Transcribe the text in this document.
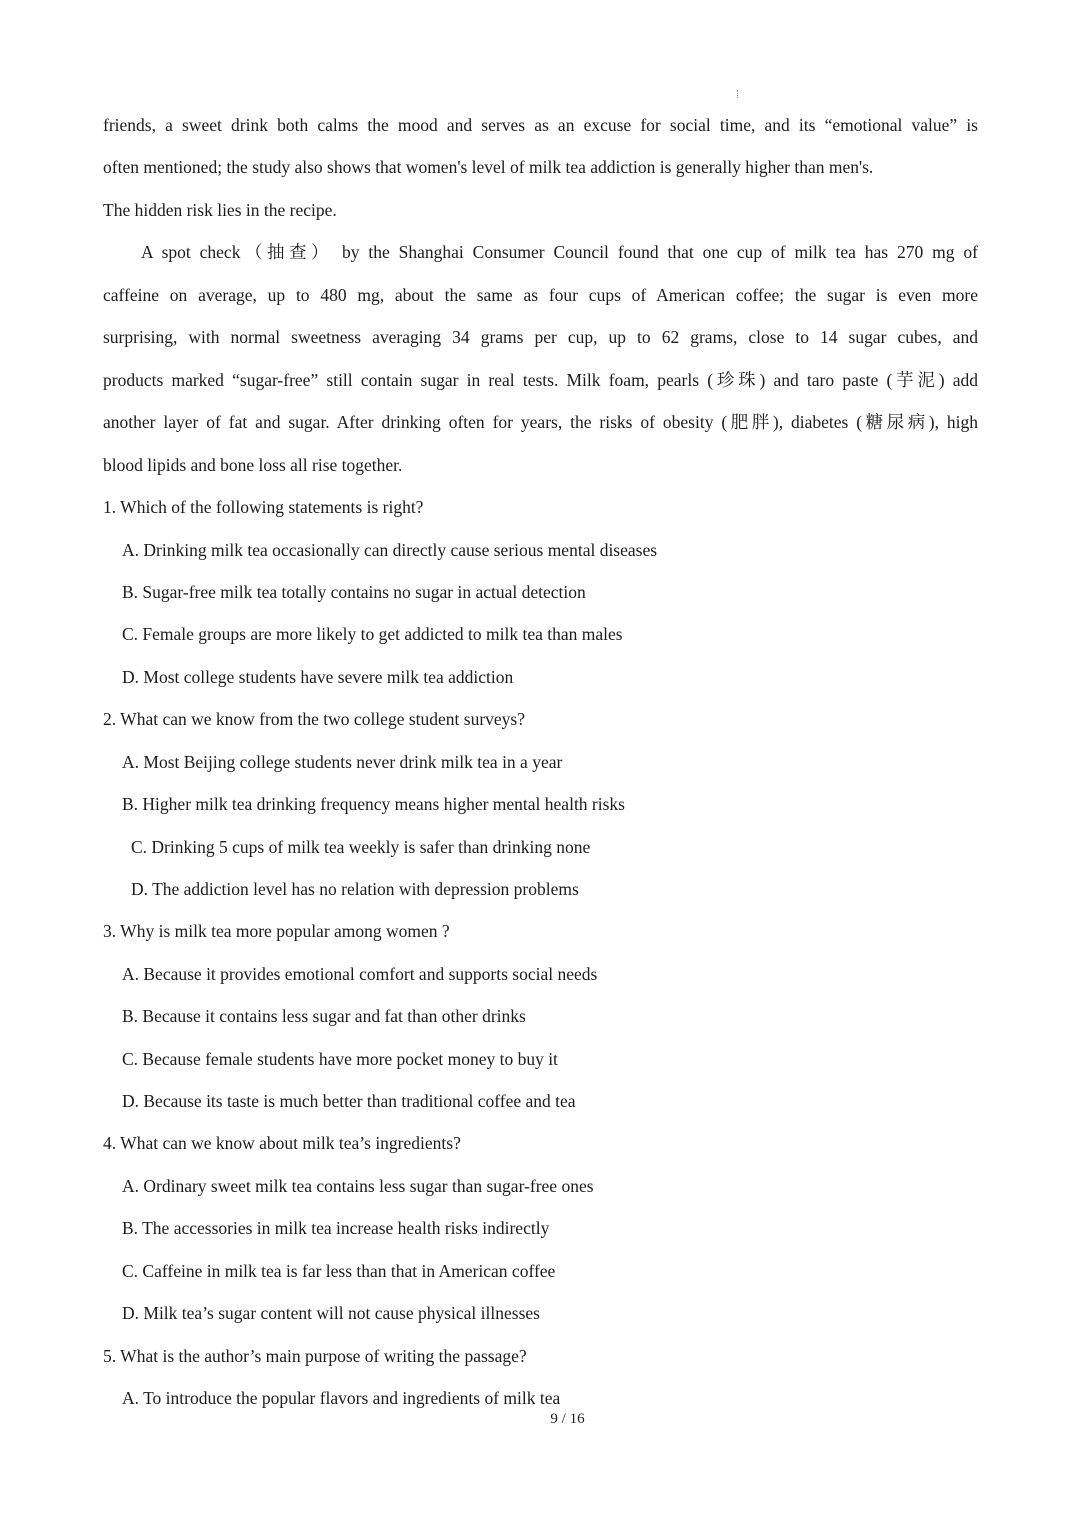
friends, a sweet drink both calms the mood and serves as an excuse for social time, and its “emotional value” is
often mentioned; the study also shows that women's level of milk tea addiction is generally higher than men's.
The hidden risk lies in the recipe.
A spot check（抽查） by the Shanghai Consumer Council found that one cup of milk tea has 270 mg of
caffeine on average, up to 480 mg, about the same as four cups of American coffee; the sugar is even more
surprising, with normal sweetness averaging 34 grams per cup, up to 62 grams, close to 14 sugar cubes, and
products marked “sugar-free” still contain sugar in real tests. Milk foam, pearls (珍珠) and taro paste (芋泥) add
another layer of fat and sugar. After drinking often for years, the risks of obesity (肥胖), diabetes (糖尿病), high
blood lipids and bone loss all rise together.
1. Which of the following statements is right?
A. Drinking milk tea occasionally can directly cause serious mental diseases
B. Sugar-free milk tea totally contains no sugar in actual detection
C. Female groups are more likely to get addicted to milk tea than males
D. Most college students have severe milk tea addiction
2. What can we know from the two college student surveys?
A. Most Beijing college students never drink milk tea in a year
B. Higher milk tea drinking frequency means higher mental health risks
C. Drinking 5 cups of milk tea weekly is safer than drinking none
D. The addiction level has no relation with depression problems
3. Why is milk tea more popular among women ?
A. Because it provides emotional comfort and supports social needs
B. Because it contains less sugar and fat than other drinks
C. Because female students have more pocket money to buy it
D. Because its taste is much better than traditional coffee and tea
4. What can we know about milk tea’s ingredients?
A. Ordinary sweet milk tea contains less sugar than sugar-free ones
B. The accessories in milk tea increase health risks indirectly
C. Caffeine in milk tea is far less than that in American coffee
D. Milk tea’s sugar content will not cause physical illnesses
5. What is the author’s main purpose of writing the passage?
A. To introduce the popular flavors and ingredients of milk tea
9 / 16
